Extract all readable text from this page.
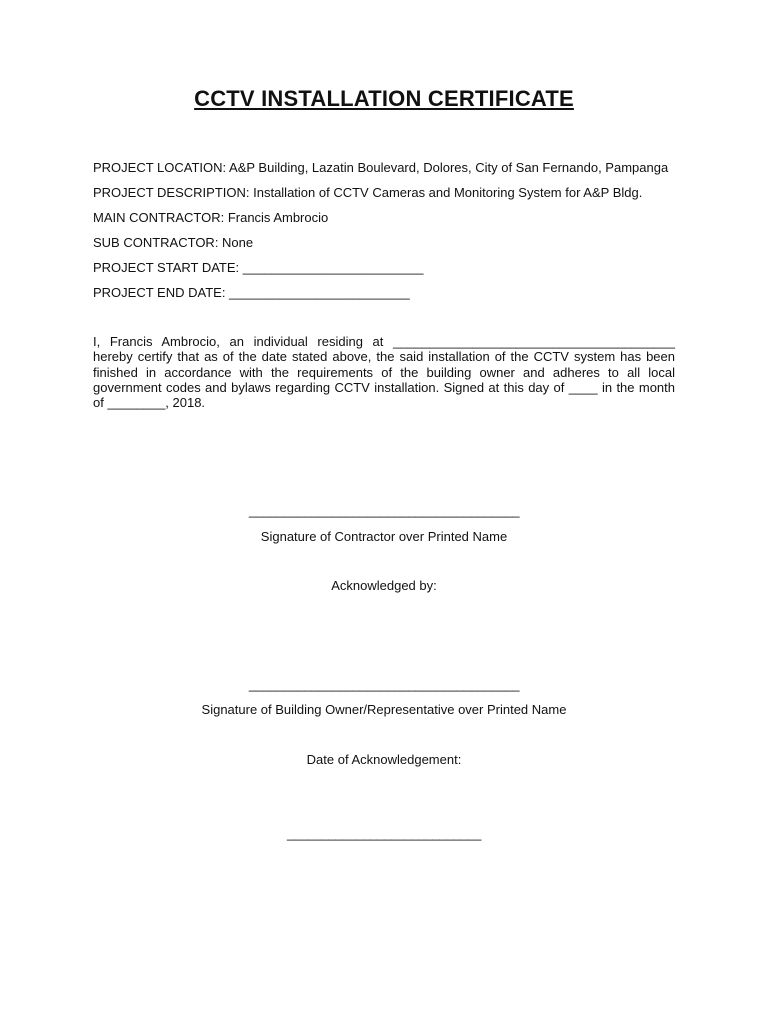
CCTV INSTALLATION CERTIFICATE
PROJECT LOCATION: A&P Building, Lazatin Boulevard, Dolores, City of San Fernando, Pampanga
PROJECT DESCRIPTION: Installation of CCTV Cameras and Monitoring System for A&P Bldg.
MAIN CONTRACTOR: Francis Ambrocio
SUB CONTRACTOR: None
PROJECT START DATE: _________________________
PROJECT END DATE: _________________________
I, Francis Ambrocio, an individual residing at _______________________________________ hereby certify that as of the date stated above, the said installation of the CCTV system has been finished in accordance with the requirements of the building owner and adheres to all local government codes and bylaws regarding CCTV installation. Signed at this day of ____ in the month of ________, 2018.
_______________________________________
Signature of Contractor over Printed Name
Acknowledged by:
_______________________________________
Signature of Building Owner/Representative over Printed Name
Date of Acknowledgement:
____________________________
